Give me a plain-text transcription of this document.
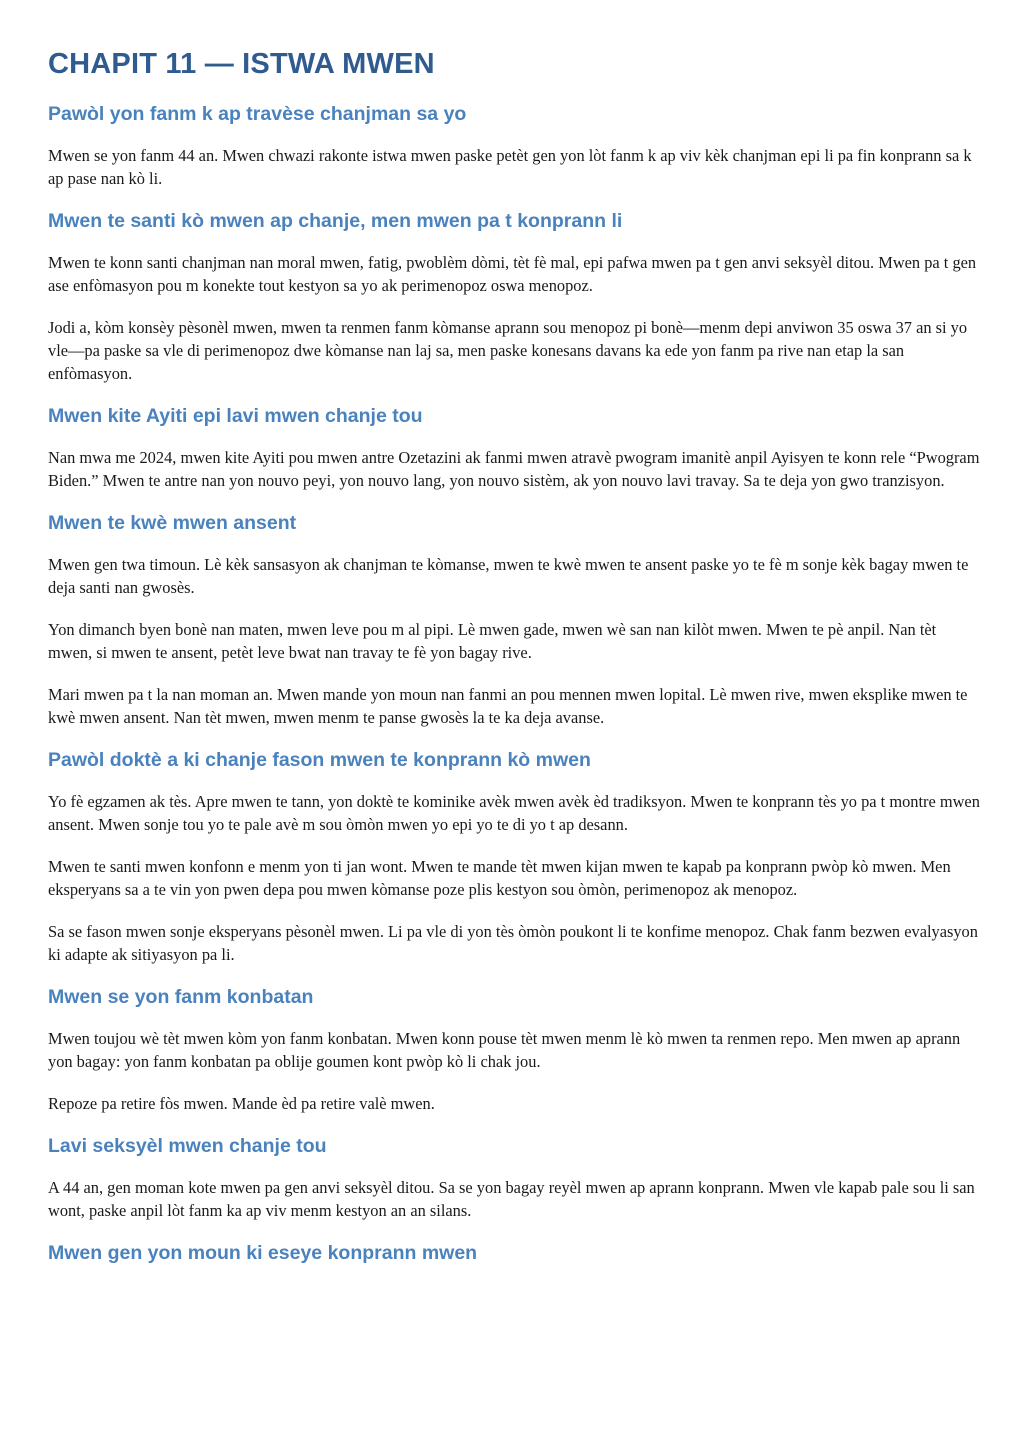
CHAPIT 11 — ISTWA MWEN
Pawòl yon fanm k ap travèse chanjman sa yo

Mwen se yon fanm 44 an. Mwen chwazi rakonte istwa mwen paske petèt gen yon lòt fanm k ap viv kèk chanjman epi li pa fin konprann sa k ap pase nan kò li.

Mwen te santi kò mwen ap chanje, men mwen pa t konprann li

Mwen te konn santi chanjman nan moral mwen, fatig, pwoblèm dòmi, tèt fè mal, epi pafwa mwen pa t gen anvi seksyèl ditou. Mwen pa t gen ase enfòmasyon pou m konekte tout kestyon sa yo ak perimenopoz oswa menopoz.

Jodi a, kòm konsèy pèsonèl mwen, mwen ta renmen fanm kòmanse aprann sou menopoz pi bonè—menm depi anviwon 35 oswa 37 an si yo vle—pa paske sa vle di perimenopoz dwe kòmanse nan laj sa, men paske konesans davans ka ede yon fanm pa rive nan etap la san enfòmasyon.

Mwen kite Ayiti epi lavi mwen chanje tou

Nan mwa me 2024, mwen kite Ayiti pou mwen antre Ozetazini ak fanmi mwen atravè pwogram imanitè anpil Ayisyen te konn rele “Pwogram Biden.” Mwen te antre nan yon nouvo peyi, yon nouvo lang, yon nouvo sistèm, ak yon nouvo lavi travay. Sa te deja yon gwo tranzisyon.

Mwen te kwè mwen ansent

Mwen gen twa timoun. Lè kèk sansasyon ak chanjman te kòmanse, mwen te kwè mwen te ansent paske yo te fè m sonje kèk bagay mwen te deja santi nan gwosès.

Yon dimanch byen bonè nan maten, mwen leve pou m al pipi. Lè mwen gade, mwen wè san nan kilòt mwen. Mwen te pè anpil. Nan tèt mwen, si mwen te ansent, petèt leve bwat nan travay te fè yon bagay rive.

Mari mwen pa t la nan moman an. Mwen mande yon moun nan fanmi an pou mennen mwen lopital. Lè mwen rive, mwen eksplike mwen te kwè mwen ansent. Nan tèt mwen, mwen menm te panse gwosès la te ka deja avanse.

Pawòl doktè a ki chanje fason mwen te konprann kò mwen

Yo fè egzamen ak tès. Apre mwen te tann, yon doktè te kominike avèk mwen avèk èd tradiksyon. Mwen te konprann tès yo pa t montre mwen ansent. Mwen sonje tou yo te pale avè m sou òmòn mwen yo epi yo te di yo t ap desann.

Mwen te santi mwen konfonn e menm yon ti jan wont. Mwen te mande tèt mwen kijan mwen te kapab pa konprann pwòp kò mwen. Men eksperyans sa a te vin yon pwen depa pou mwen kòmanse poze plis kestyon sou òmòn, perimenopoz ak menopoz.

Sa se fason mwen sonje eksperyans pèsonèl mwen. Li pa vle di yon tès òmòn poukont li te konfime menopoz. Chak fanm bezwen evalyasyon ki adapte ak sitiyasyon pa li.

Mwen se yon fanm konbatan

Mwen toujou wè tèt mwen kòm yon fanm konbatan. Mwen konn pouse tèt mwen menm lè kò mwen ta renmen repo. Men mwen ap aprann yon bagay: yon fanm konbatan pa oblije goumen kont pwòp kò li chak jou.

Repoze pa retire fòs mwen. Mande èd pa retire valè mwen.

Lavi seksyèl mwen chanje tou

A 44 an, gen moman kote mwen pa gen anvi seksyèl ditou. Sa se yon bagay reyèl mwen ap aprann konprann. Mwen vle kapab pale sou li san wont, paske anpil lòt fanm ka ap viv menm kestyon an an silans.

Mwen gen yon moun ki eseye konprann mwen
